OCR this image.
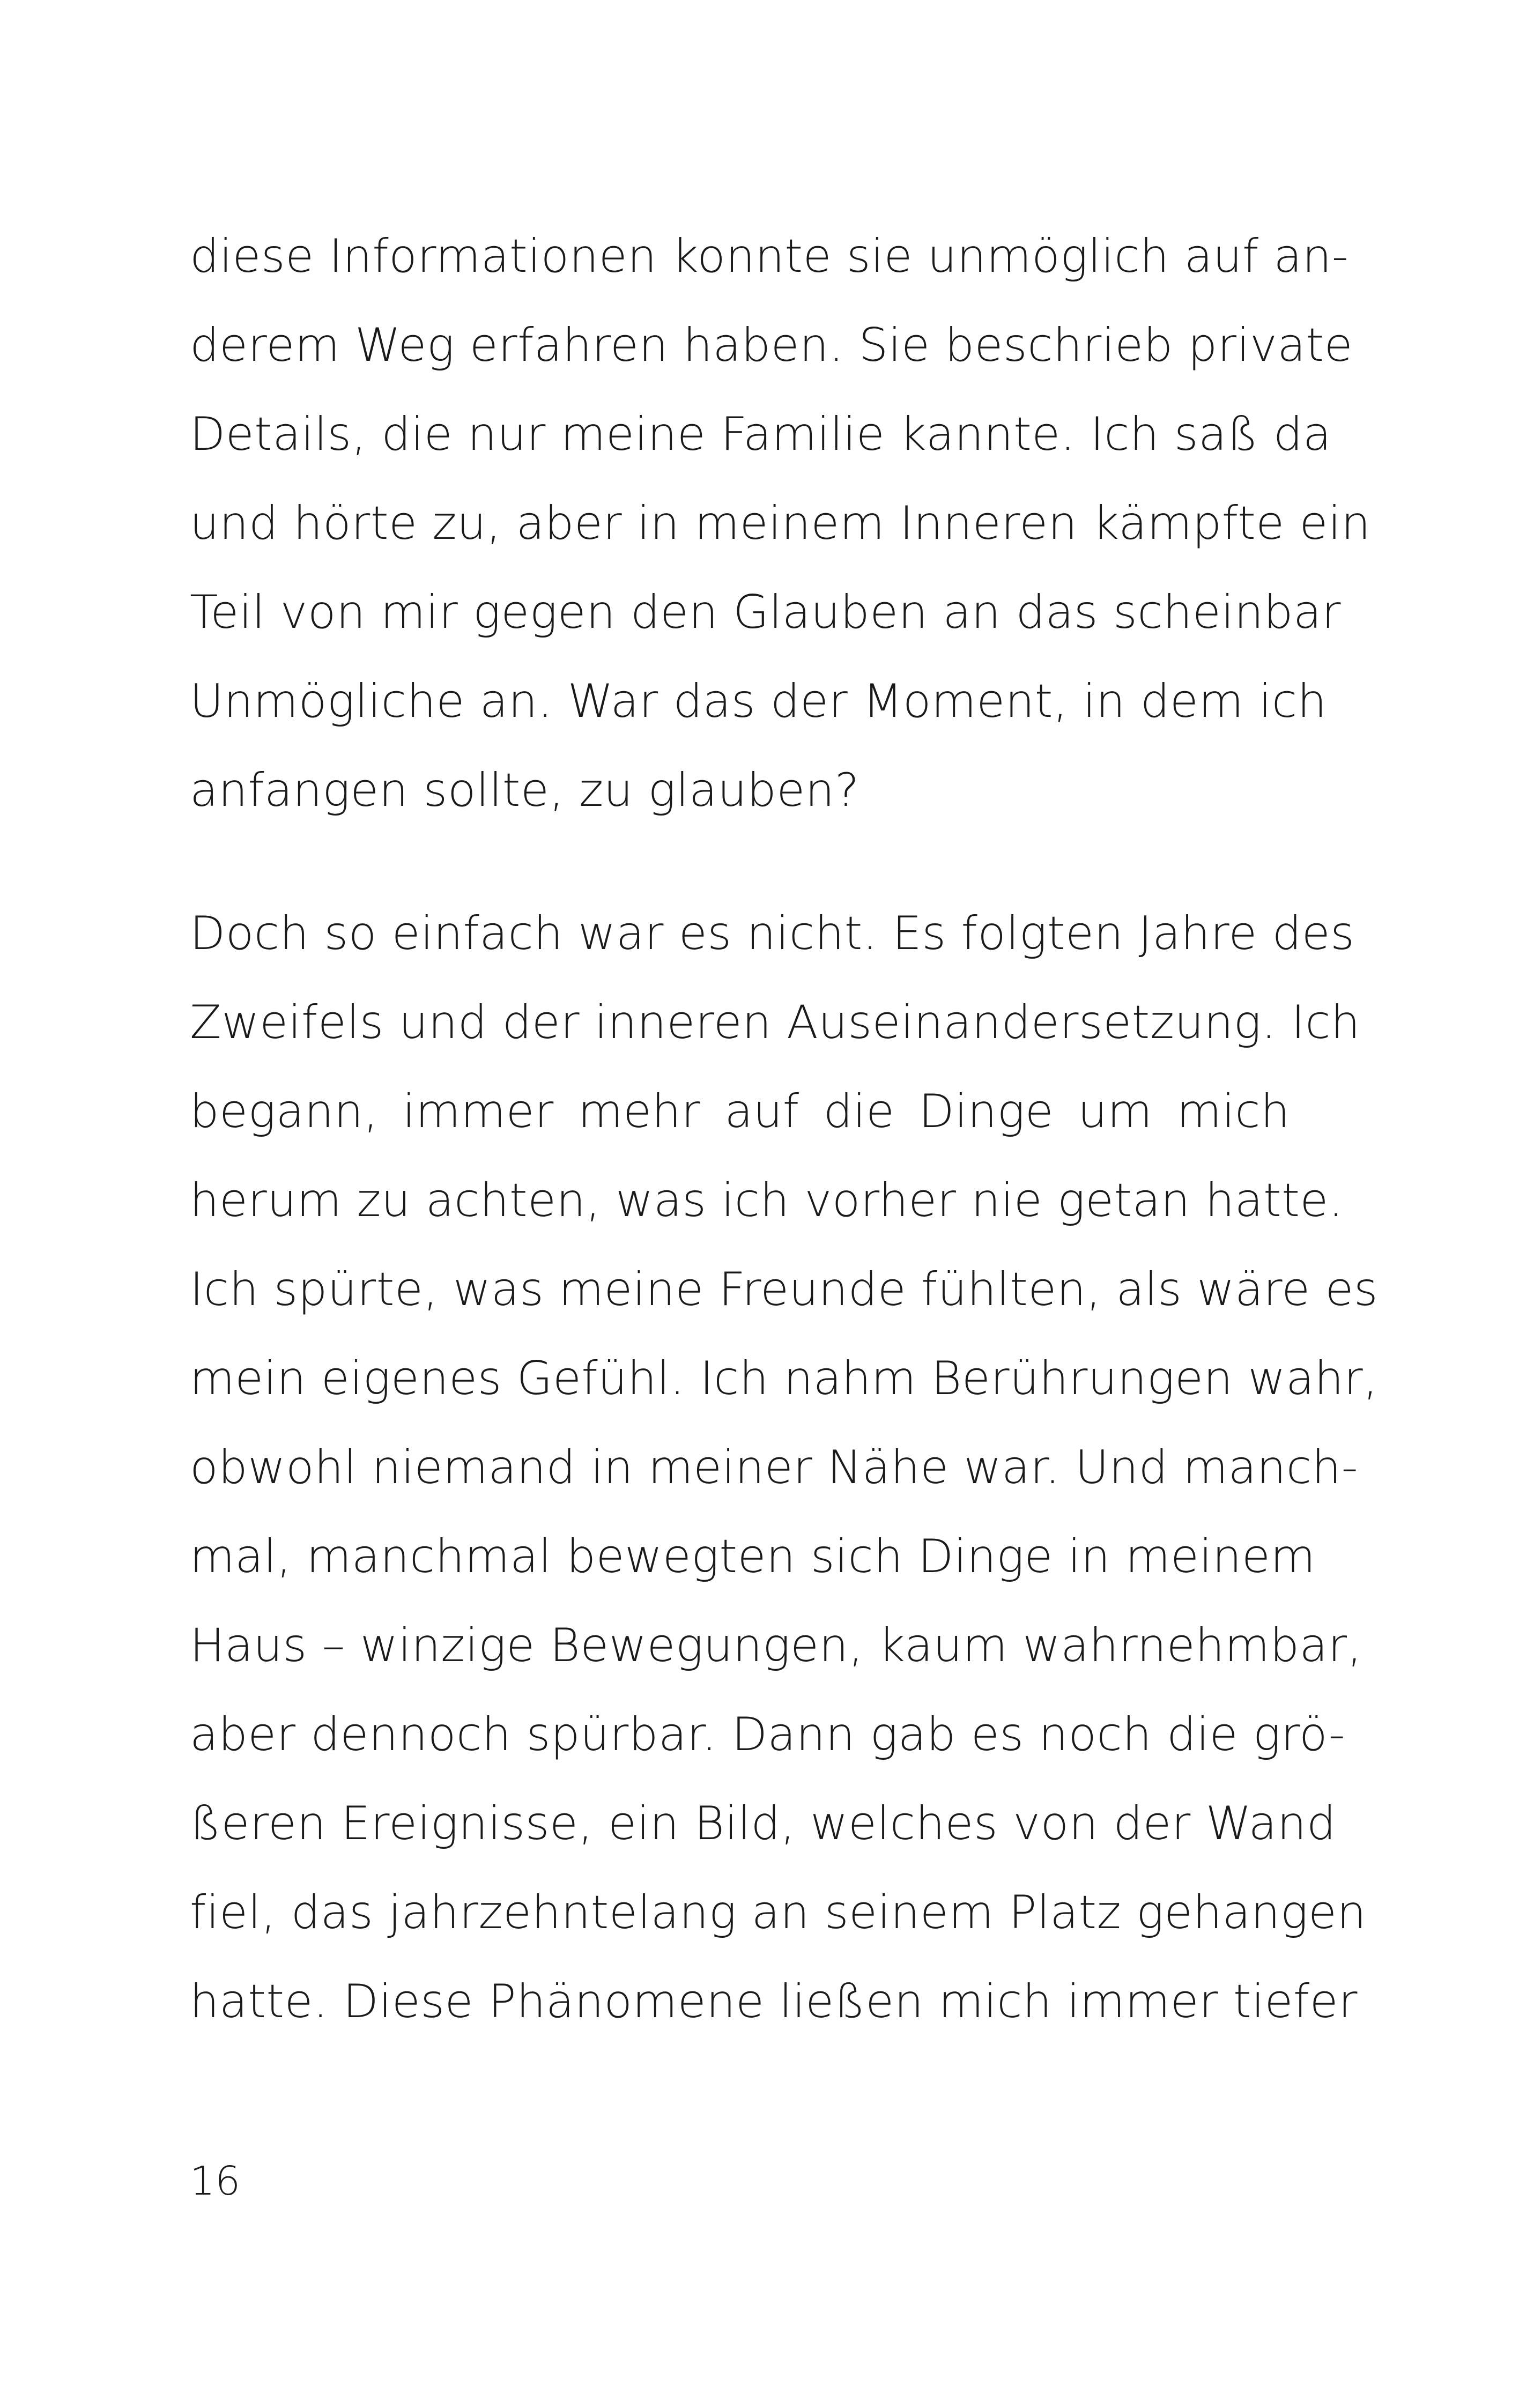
diese Informationen konnte sie unmöglich auf an-
derem Weg erfahren haben. Sie beschrieb private
Details, die nur meine Familie kannte. Ich saß da
und hörte zu, aber in meinem Inneren kämpfte ein
Teil von mir gegen den Glauben an das scheinbar
Unmögliche an. War das der Moment, in dem ich
anfangen sollte, zu glauben?
Doch so einfach war es nicht. Es folgten Jahre des
Zweifels und der inneren Auseinandersetzung. Ich
begann, immer mehr auf die Dinge um mich
herum zu achten, was ich vorher nie getan hatte.
Ich spürte, was meine Freunde fühlten, als wäre es
mein eigenes Gefühl. Ich nahm Berührungen wahr,
obwohl niemand in meiner Nähe war. Und manch-
mal, manchmal bewegten sich Dinge in meinem
Haus – winzige Bewegungen, kaum wahrnehmbar,
aber dennoch spürbar. Dann gab es noch die grö-
ßeren Ereignisse, ein Bild, welches von der Wand
fiel, das jahrzehntelang an seinem Platz gehangen
hatte. Diese Phänomene ließen mich immer tiefer
16
